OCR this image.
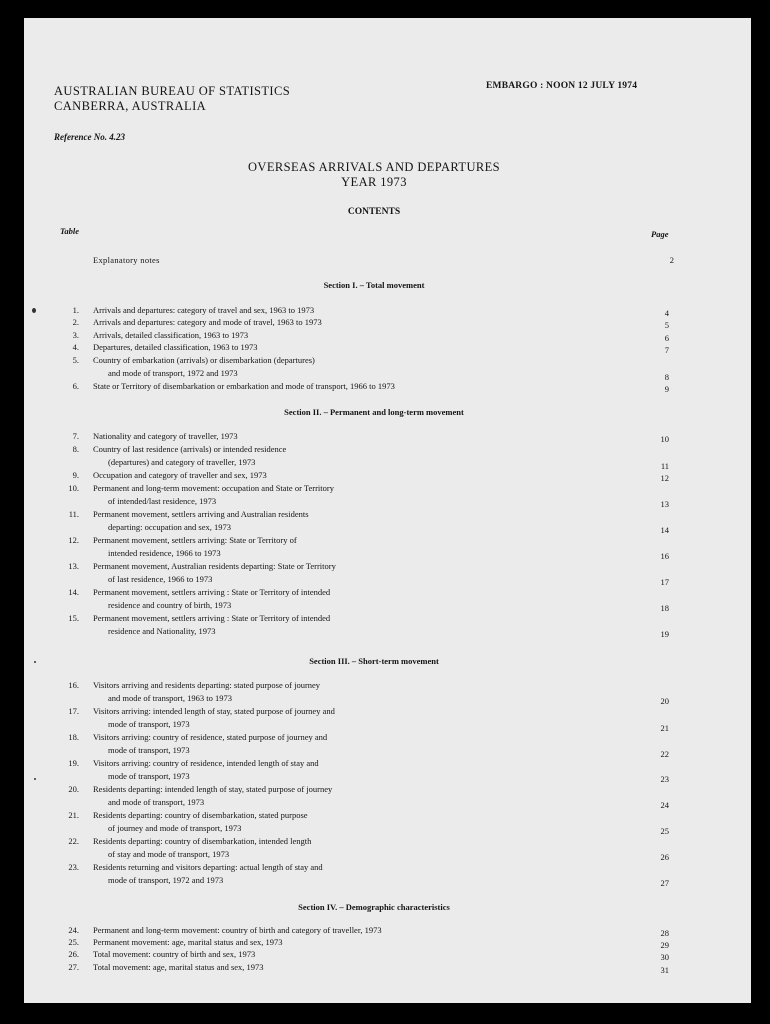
AUSTRALIAN BUREAU OF STATISTICS
CANBERRA, AUSTRALIA
EMBARGO : NOON 12 JULY 1974
Reference No. 4.23
OVERSEAS ARRIVALS AND DEPARTURES
YEAR 1973
CONTENTS
Table	Page
Explanatory notes	2
Section I. – Total movement
Section II. – Permanent and long-term movement
Section III. – Short-term movement
Section IV. – Demographic characteristics
1. Arrivals and departures: category of travel and sex, 1963 to 1973	4
2. Arrivals and departures: category and mode of travel, 1963 to 1973	5
3. Arrivals, detailed classification, 1963 to 1973	6
4. Departures, detailed classification, 1963 to 1973	7
5. Country of embarkation (arrivals) or disembarkation (departures)
and mode of transport, 1972 and 1973	8
6. State or Territory of disembarkation or embarkation and mode of transport, 1966 to 1973	9
7. Nationality and category of traveller, 1973	10
8. Country of last residence (arrivals) or intended residence
(departures) and category of traveller, 1973	11
9. Occupation and category of traveller and sex, 1973	12
10. Permanent and long-term movement: occupation and State or Territory
of intended/last residence, 1973	13
11. Permanent movement, settlers arriving and Australian residents
departing: occupation and sex, 1973	14
12. Permanent movement, settlers arriving: State or Territory of
intended residence, 1966 to 1973	16
13. Permanent movement, Australian residents departing: State or Territory
of last residence, 1966 to 1973	17
14. Permanent movement, settlers arriving : State or Territory of intended
residence and country of birth, 1973	18
15. Permanent movement, settlers arriving : State or Territory of intended
residence and Nationality, 1973	19
16. Visitors arriving and residents departing: stated purpose of journey
and mode of transport, 1963 to 1973	20
17. Visitors arriving: intended length of stay, stated purpose of journey and
mode of transport, 1973	21
18. Visitors arriving: country of residence, stated purpose of journey and
mode of transport, 1973	22
19. Visitors arriving: country of residence, intended length of stay and
mode of transport, 1973	23
20. Residents departing: intended length of stay, stated purpose of journey
and mode of transport, 1973	24
21. Residents departing: country of disembarkation, stated purpose
of journey and mode of transport, 1973	25
22. Residents departing: country of disembarkation, intended length
of stay and mode of transport, 1973	26
23. Residents returning and visitors departing: actual length of stay and
mode of transport, 1972 and 1973	27
24. Permanent and long-term movement: country of birth and category of traveller, 1973	28
25. Permanent movement: age, marital status and sex, 1973	29
26. Total movement: country of birth and sex, 1973	30
27. Total movement: age, marital status and sex, 1973	31
